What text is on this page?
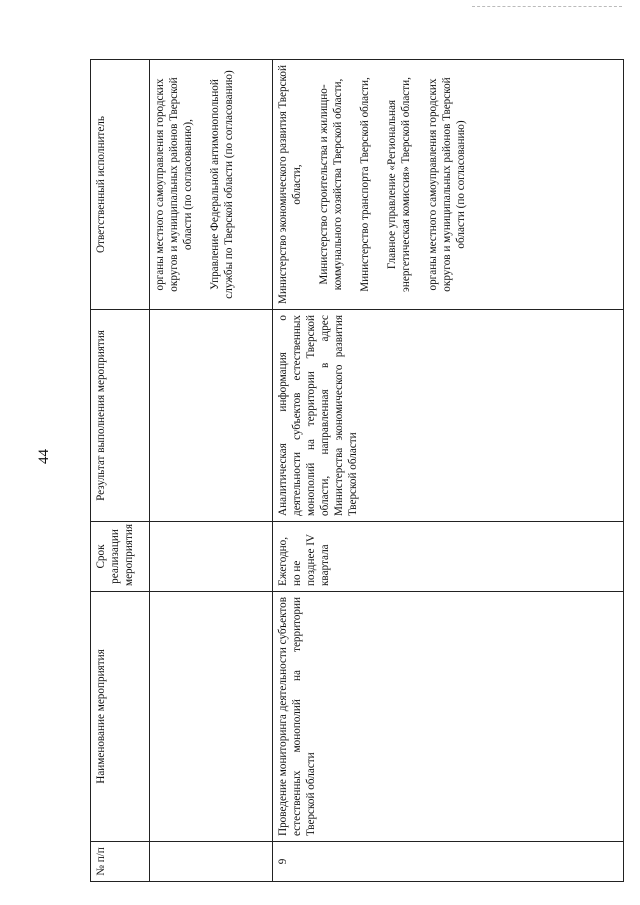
44
№ п/п	Наименование мероприятия	Срок реализации мероприятия	Результат выполнения мероприятия	Ответственный исполнитель

				органы местного самоуправления городских округов и муниципальных районов Тверской области (по согласованию), Управление Федеральной антимонопольной службы по Тверской области (по согласованию)

9	Проведение мониторинга деятельности субъектов естественных монополий на территории Тверской области	Ежегодно, но не позднее IV квартала	Аналитическая информация о деятельности субъектов естественных монополий на территории Тверской области, направленная в адрес Министерства экономического развития Тверской области	Министерство экономического развития Тверской области, Министерство строительства и жилищно-коммунального хозяйства Тверской области, Министерство транспорта Тверской области, Главное управление «Региональная энергетическая комиссия» Тверской области, органы местного самоуправления городских округов и муниципальных районов Тверской области (по согласованию)
